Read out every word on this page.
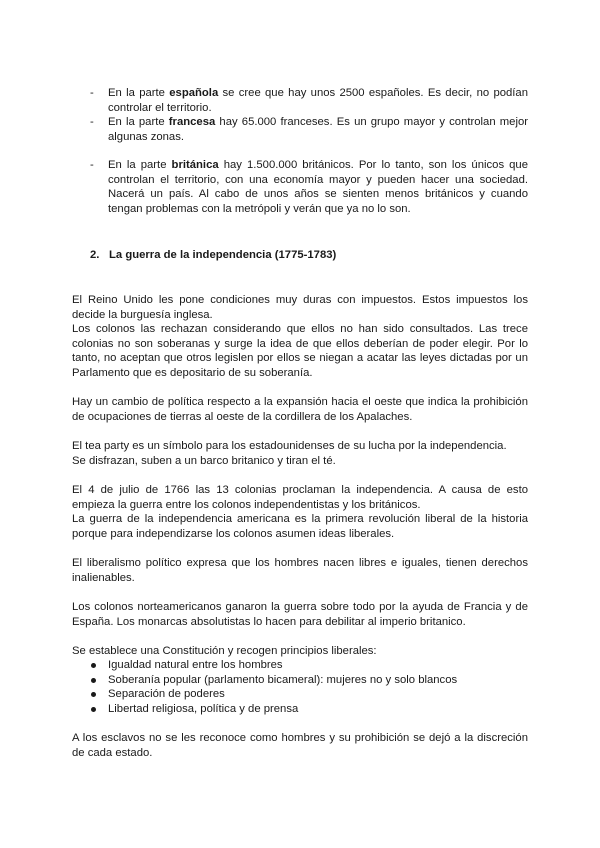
- En la parte española se cree que hay unos 2500 españoles. Es decir, no podían controlar el territorio.
- En la parte francesa hay 65.000 franceses. Es un grupo mayor y controlan mejor algunas zonas.
- En la parte británica hay 1.500.000 británicos. Por lo tanto, son los únicos que controlan el territorio, con una economía mayor y pueden hacer una sociedad. Nacerá un país. Al cabo de unos años se sienten menos británicos y cuando tengan problemas con la metrópoli y verán que ya no lo son.
2. La guerra de la independencia (1775-1783)

El Reino Unido les pone condiciones muy duras con impuestos. Estos impuestos los decide la burguesía inglesa.

Los colonos las rechazan considerando que ellos no han sido consultados. Las trece colonias no son soberanas y surge la idea de que ellos deberían de poder elegir. Por lo tanto, no aceptan que otros legislen por ellos se niegan a acatar las leyes dictadas por un Parlamento que es depositario de su soberanía.

Hay un cambio de política respecto a la expansión hacia el oeste que indica la prohibición de ocupaciones de tierras al oeste de la cordillera de los Apalaches.

El tea party es un símbolo para los estadounidenses de su lucha por la independencia.

Se disfrazan, suben a un barco britanico y tiran el té.

El 4 de julio de 1766 las 13 colonias proclaman la independencia. A causa de esto empieza la guerra entre los colonos independentistas y los británicos.

La guerra de la independencia americana es la primera revolución liberal de la historia porque para independizarse los colonos asumen ideas liberales.

El liberalismo político expresa que los hombres nacen libres e iguales, tienen derechos inalienables.

Los colonos norteamericanos ganaron la guerra sobre todo por la ayuda de Francia y de España. Los monarcas absolutistas lo hacen para debilitar al imperio britanico.

Se establece una Constitución y recogen principios liberales:

Igualdad natural entre los hombres
Soberanía popular (parlamento bicameral): mujeres no y solo blancos
Separación de poderes
Libertad religiosa, política y de prensa

A los esclavos no se les reconoce como hombres y su prohibición se dejó a la discreción de cada estado.
